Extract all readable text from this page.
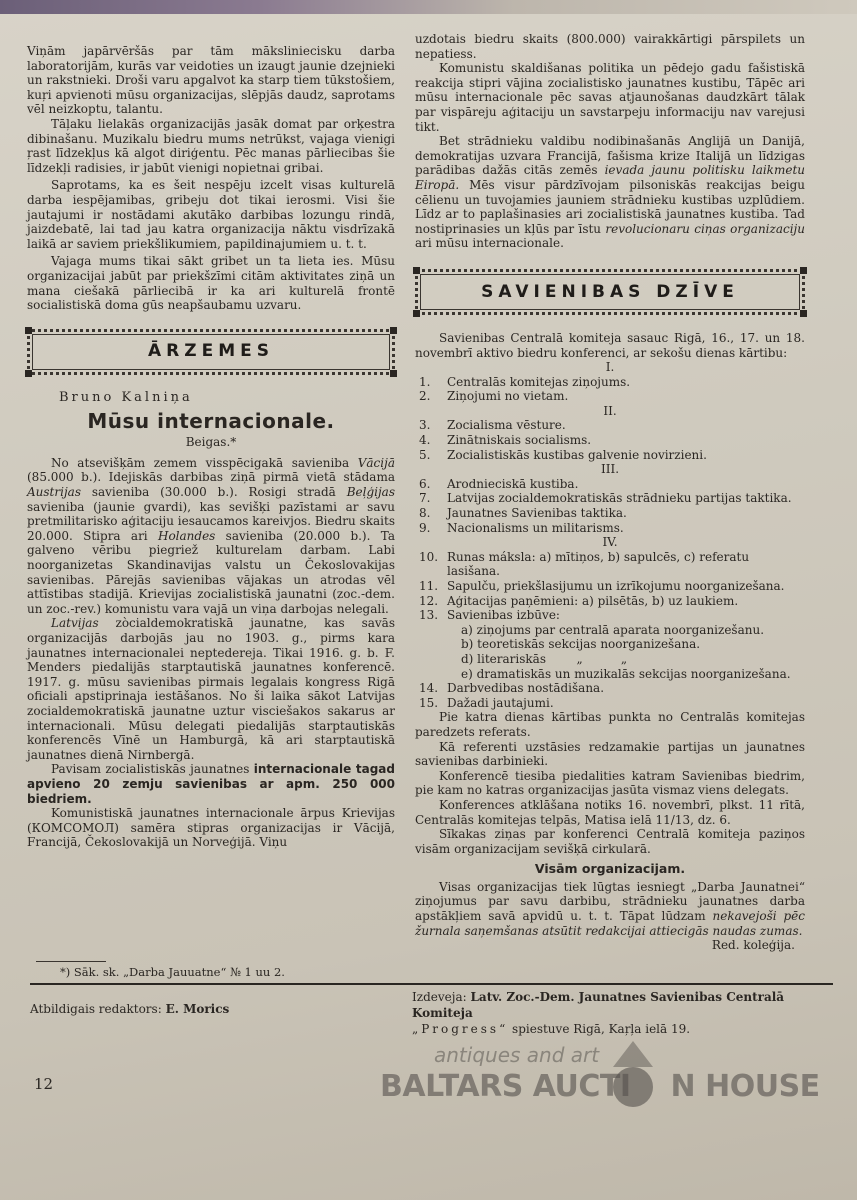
Viņām japārvēršās par tām māksliniecisku darba laboratorijām, kurās var veidoties un izaugt jaunie dzejnieki un rakstnieki. Droši varu apgalvot ka starp tiem tūkstošiem, kuŗi apvienoti mūsu organizacijas, slēpjās daudz, saprotams vēl neizkoptu, talantu.

Tāļaku lielakās organizacijās jasāk domat par orķestra dibinašanu. Muzikalu biedru mums netrūkst, vajaga vienigi ŗast līdzekļus kā algot diriģentu. Pēc manas pārliecibas šie līdzekļi radisies, ir jabūt vienigi nopietnai gribai.

Saprotams, ka es šeit nespēju izcelt visas kulturelā darba iespējamibas, gribeju dot tikai ierosmi. Visi šie jautajumi ir nostādami akutāko darbibas lozungu rindā, jaizdebatē, lai tad jau katra organizacija nāktu visdrīzakā laikā ar saviem priekšlikumiem, papildinajumiem u. t. t.

Vajaga mums tikai sākt gribet un ta lieta ies. Mūsu organizacijai jabūt par priekšzīmi citām aktivitates ziņā un mana ciešakā pārliecibā ir ka ari kulturelā frontē socialistiskā doma gūs neapšaubamu uzvaru.

ĀRZEMES
Bruno Kalniņa
Mūsu internacionale.
Beigas.*

No atsevišķām zemem visspēcigakā savieniba Vācijā (85.000 b.). Idejiskās darbibas ziņā pirmā vietā stādama Austrijas savieniba (30.000 b.). Rosigi stradā Beļģijas savieniba (jaunie gvardi), kas sevišķi pazīstami ar savu pretmilitarisko aģitaciju iesaucamos kareivjos. Biedru skaits 20.000. Stipra ari Holandes savieniba (20.000 b.). Ta galveno vēribu piegriež kulturelam darbam. Labi noorganizetas Skandinavijas valstu un Čekoslovakijas savienibas. Pārejās savienibas vājakas un atrodas vēl attīstibas stadijā. Krievijas zocialistiskā jaunatni (zoc.-dem. un zoc.-rev.) komunistu vara vajā un viņa darbojas nelegali.

Latvijas zòcialdemokratiskā jaunatne, kas savās organizacijās darbojās jau no 1903. g., pirms kara jaunatnes internacionalei neptedereja. Tikai 1916. g. b. F. Menders piedalijās starptautiskā jaunatnes konferencē. 1917. g. mūsu savienibas pirmais legalais kongress Rigā oficiali apstiprinaja iestāšanos. No ši laika sākot Latvijas zocialdemokratiskā jaunatne uztur visciešakos sakarus ar internacionali. Mūsu delegati piedalijās starptautiskās konferencēs Vīnē un Hamburgā, kā ari starptautiskā jaunatnes dienā Nirnbergā.

Pavisam zocialistiskās jaunatnes internacionale tagad apvieno 20 zemju savienibas ar apm. 250 000 biedriem.

Komunistiskā jaunatnes internacionale ārpus Krievijas (КОМСОМОЛ) samēra stipras organizacijas ir Vācijā, Francijā, Čekoslovakijā un Norveģijā. Viņu

uzdotais biedru skaits (800.000) vairakkārtigi pārspilets un nepatiess.

Komunistu skaldišanas politika un pēdejo gadu fašistiskā reakcija stipri vājina zocialistisko jaunatnes kustibu, Tāpēc ari mūsu internacionale pēc savas atjaunošanas daudzkārt tālak par vispāreju aģitaciju un savstarpeju informaciju nav varejusi tikt.

Bet strādnieku valdibu nodibinašanās Anglijā un Danijā, demokratijas uzvara Francijā, fašisma krize Italijā un līdzigas parādibas dažās citās zemēs ievada jaunu politisku laikmetu Eiropā. Mēs visur pārdzīvojam pilsoniskās reakcijas beigu cēlienu un tuvojamies jauniem strādnieku kustibas uzplūdiem. Līdz ar to paplašinasies ari zocialistiskā jaunatnes kustiba. Tad nostiprinasies un kļūs par īstu revolucionaru ciņas organizaciju ari mūsu internacionale.

SAVIENIBAS DZĪVE

Savienibas Centralā komiteja sasauc Rigā, 16., 17. un 18. novembrī aktivo biedru konferenci, ar sekošu dienas kārtibu:

I.
1.	Centralās komitejas ziņojums.
2.	Ziņojumi no vietam.
II.
3.	Zocialisma vēsture.
4.	Zinātniskais socialisms.
5.	Zocialistiskās kustibas galvenie novirzieni.
III.
6.	Arodnieciskā kustiba.
7.	Latvijas zocialdemokratiskās strādnieku partijas taktika.
8.	Jaunatnes Savienibas taktika.
9.	Nacionalisms un militarisms.
IV.
10. Runas máksla: a) mītiņos, b) sapulcēs, c) referatu lasišana.
11. Sapulču, priekšlasijumu un izrīkojumu noorganizešana.
12. Aģitacijas paņēmieni: a) pilsētās, b) uz laukiem.
13. Savienibas izbūve:
a) ziņojums par centralā aparata noorganizešanu.
b) teoretiskās sekcijas noorganizešana.
d) literariskās        „          „
e) dramatiskās un muzikalās sekcijas noorganizešana.
14. Darbvedibas nostādišana.
15. Dažadi jautajumi.

Pie katra dienas kārtibas punkta no Centralās komitejas paredzets referats.

Kā referenti uzstāsies redzamakie partijas un jaunatnes savienibas darbinieki.

Konferencē tiesiba piedalities katram Savienibas biedrim, pie kam no katras organizacijas jasūta vismaz viens delegats.

Konferences atklāšana notiks 16. novembrī, plkst. 11 rītā, Centralās komitejas telpās, Matisa ielā 11/13, dz. 6.

Sīkakas ziņas par konferenci Centralā komiteja paziņos visām organizacijam sevišķā cirkularā.

Visām organizacijam.

Visas organizacijas tiek lūgtas iesniegt „Darba Jaunatnei“ ziņojumus par savu darbibu, strādnieku jaunatnes darba apstākļiem savā apvidū u. t. t. Tāpat lūdzam nekavejoši pēc žurnala saņemšanas atsūtit redakcijai attiecigās naudas zumas.

Red. koleģija.
*) Sāk. sk. „Darba Jauuatne“ № 1 uu 2.
Atbildigais redaktors: E. Morics
Izdeveja: Latv. Zoc.-Dem. Jaunatnes Savienibas Centralā Komiteja
„Progress“ spiestuve Rigā, Kaŗļa ielā 19.
12
antiques and art
BALTARS AUCTI N HOUSE
